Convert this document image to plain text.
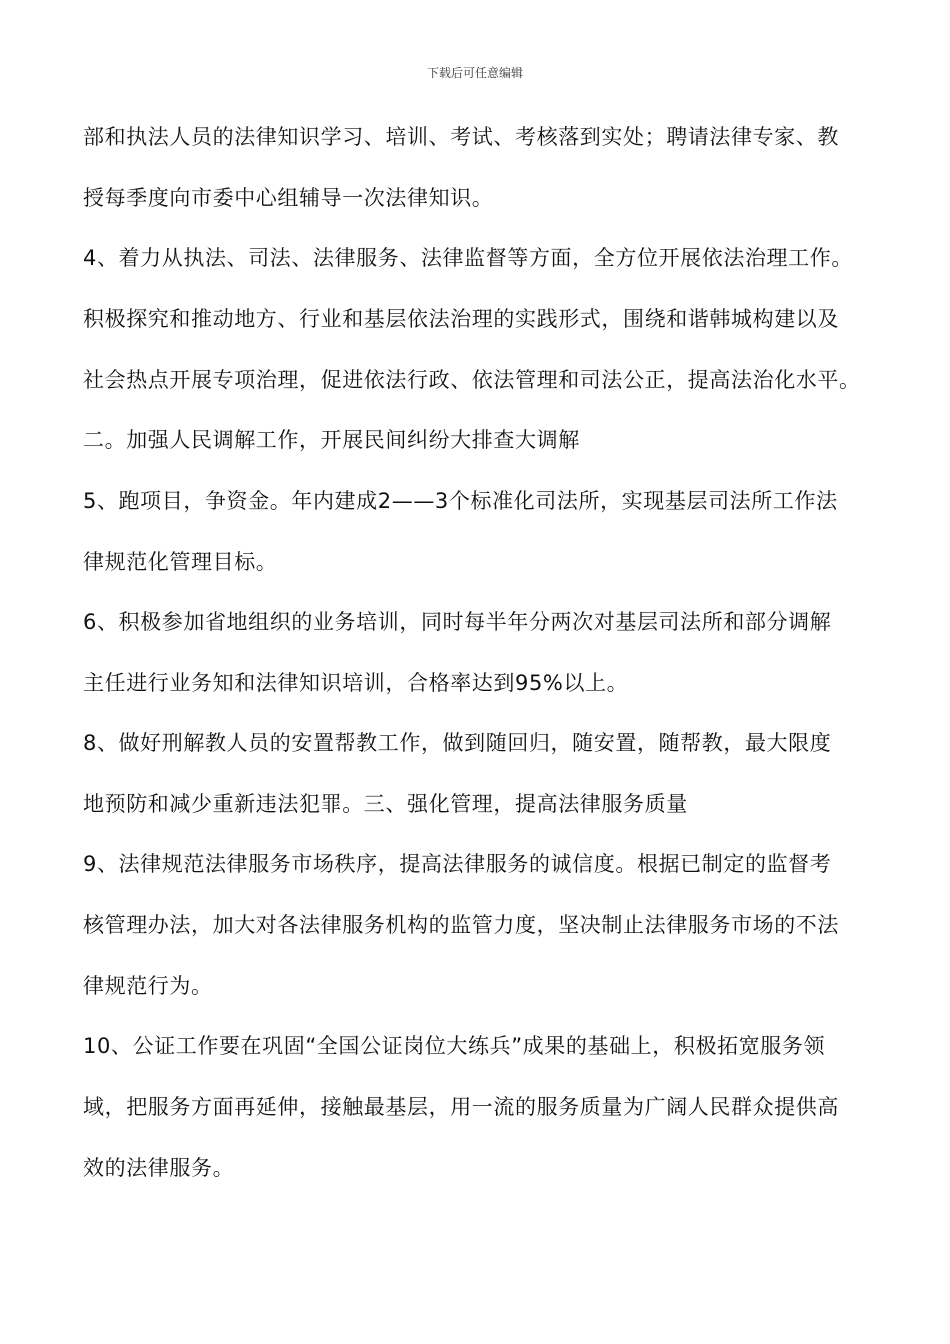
下载后可任意编辑
部和执法人员的法律知识学习、培训、考试、考核落到实处；聘请法律专家、教
授每季度向市委中心组辅导一次法律知识。
4、着力从执法、司法、法律服务、法律监督等方面，全方位开展依法治理工作。
积极探究和推动地方、行业和基层依法治理的实践形式，围绕和谐韩城构建以及
社会热点开展专项治理，促进依法行政、依法管理和司法公正，提高法治化水平。
二。加强人民调解工作，开展民间纠纷大排查大调解
5、跑项目，争资金。年内建成2——3个标准化司法所，实现基层司法所工作法
律规范化管理目标。
6、积极参加省地组织的业务培训，同时每半年分两次对基层司法所和部分调解
主任进行业务知和法律知识培训，合格率达到95%以上。
8、做好刑解教人员的安置帮教工作，做到随回归，随安置，随帮教，最大限度
地预防和减少重新违法犯罪。三、强化管理，提高法律服务质量
9、法律规范法律服务市场秩序，提高法律服务的诚信度。根据已制定的监督考
核管理办法，加大对各法律服务机构的监管力度，坚决制止法律服务市场的不法
律规范行为。
10、公证工作要在巩固“全国公证岗位大练兵”成果的基础上，积极拓宽服务领
域，把服务方面再延伸，接触最基层，用一流的服务质量为广阔人民群众提供高
效的法律服务。
